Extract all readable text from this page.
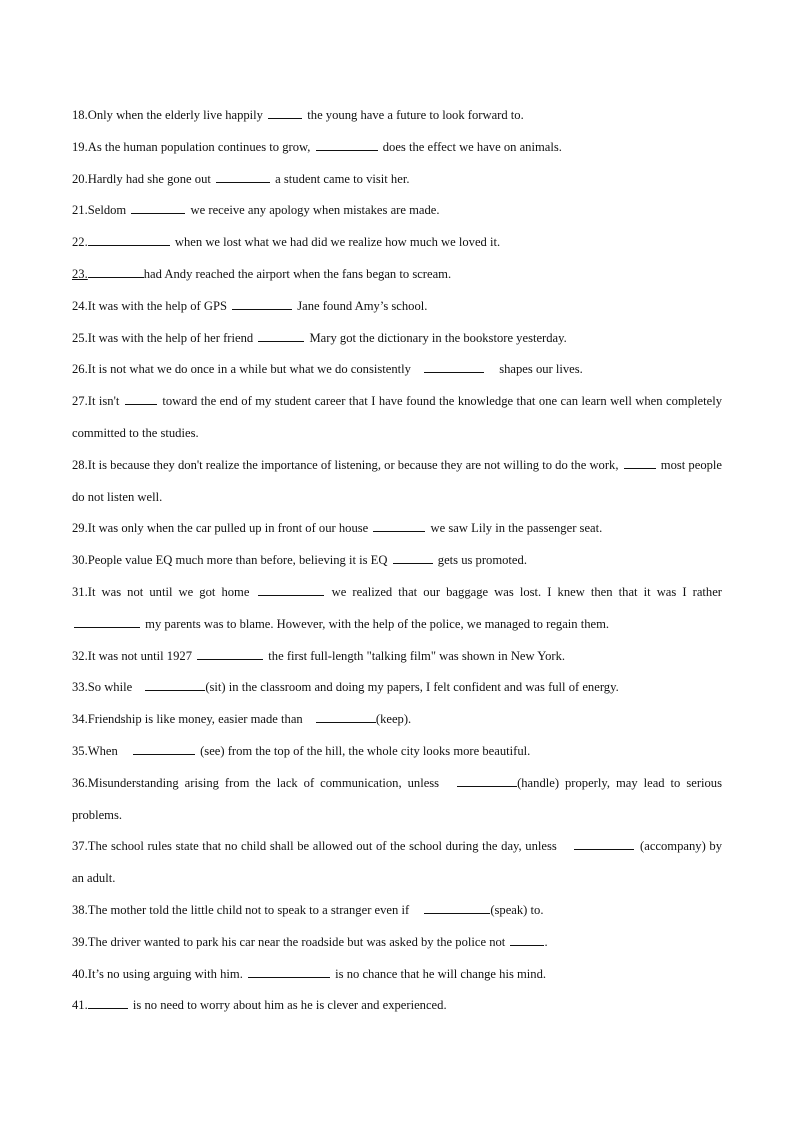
18.Only when the elderly live happily	the young have a future to look forward to.

19.As the human population continues to grow,	does the effect we have on animals.

20.Hardly had she gone out	a student came to visit her.

21.Seldom	we receive any apology when mistakes are made.

22.	when we lost what we had did we realize how much we loved it.

23.	had Andy reached the airport when the fans began to scream.

24.It was with the help of GPS	Jane found Amy’s school.

25.It was with the help of her friend	Mary got the dictionary in the bookstore yesterday.

26.It is not what we do once in a while but what we do consistently	shapes our lives.

27.It isn't	toward the end of my student career that I have found the knowledge that one can learn well when completely committed to the studies.

28.It is because they don't realize the importance of listening, or because they are not willing to do the work,	most people do not listen well.

29.It was only when the car pulled up in front of our house	we saw Lily in the passenger seat.

30.People value EQ much more than before, believing it is EQ	gets us promoted.

31.It was not until we got home	we realized that our baggage was lost. I knew then that it was I rather  my parents was to blame. However, with the help of the police, we managed to regain them.

32.It was not until 1927	the first full-length "talking film" was shown in New York.

33.So while	(sit) in the classroom and doing my papers, I felt confident and was full of energy.

34.Friendship is like money, easier made than	(keep).

35.When	(see) from the top of the hill, the whole city looks more beautiful.

36.Misunderstanding arising from the lack of communication, unless	(handle) properly, may lead to serious problems.

37.The school rules state that no child shall be allowed out of the school during the day, unless	(accompany) by an adult.

38.The mother told the little child not to speak to a stranger even if	(speak) to.

39.The driver wanted to park his car near the roadside but was asked by the police not	.

40.It’s no using arguing with him.	is no chance that he will change his mind.

41.	is no need to worry about him as he is clever and experienced.
